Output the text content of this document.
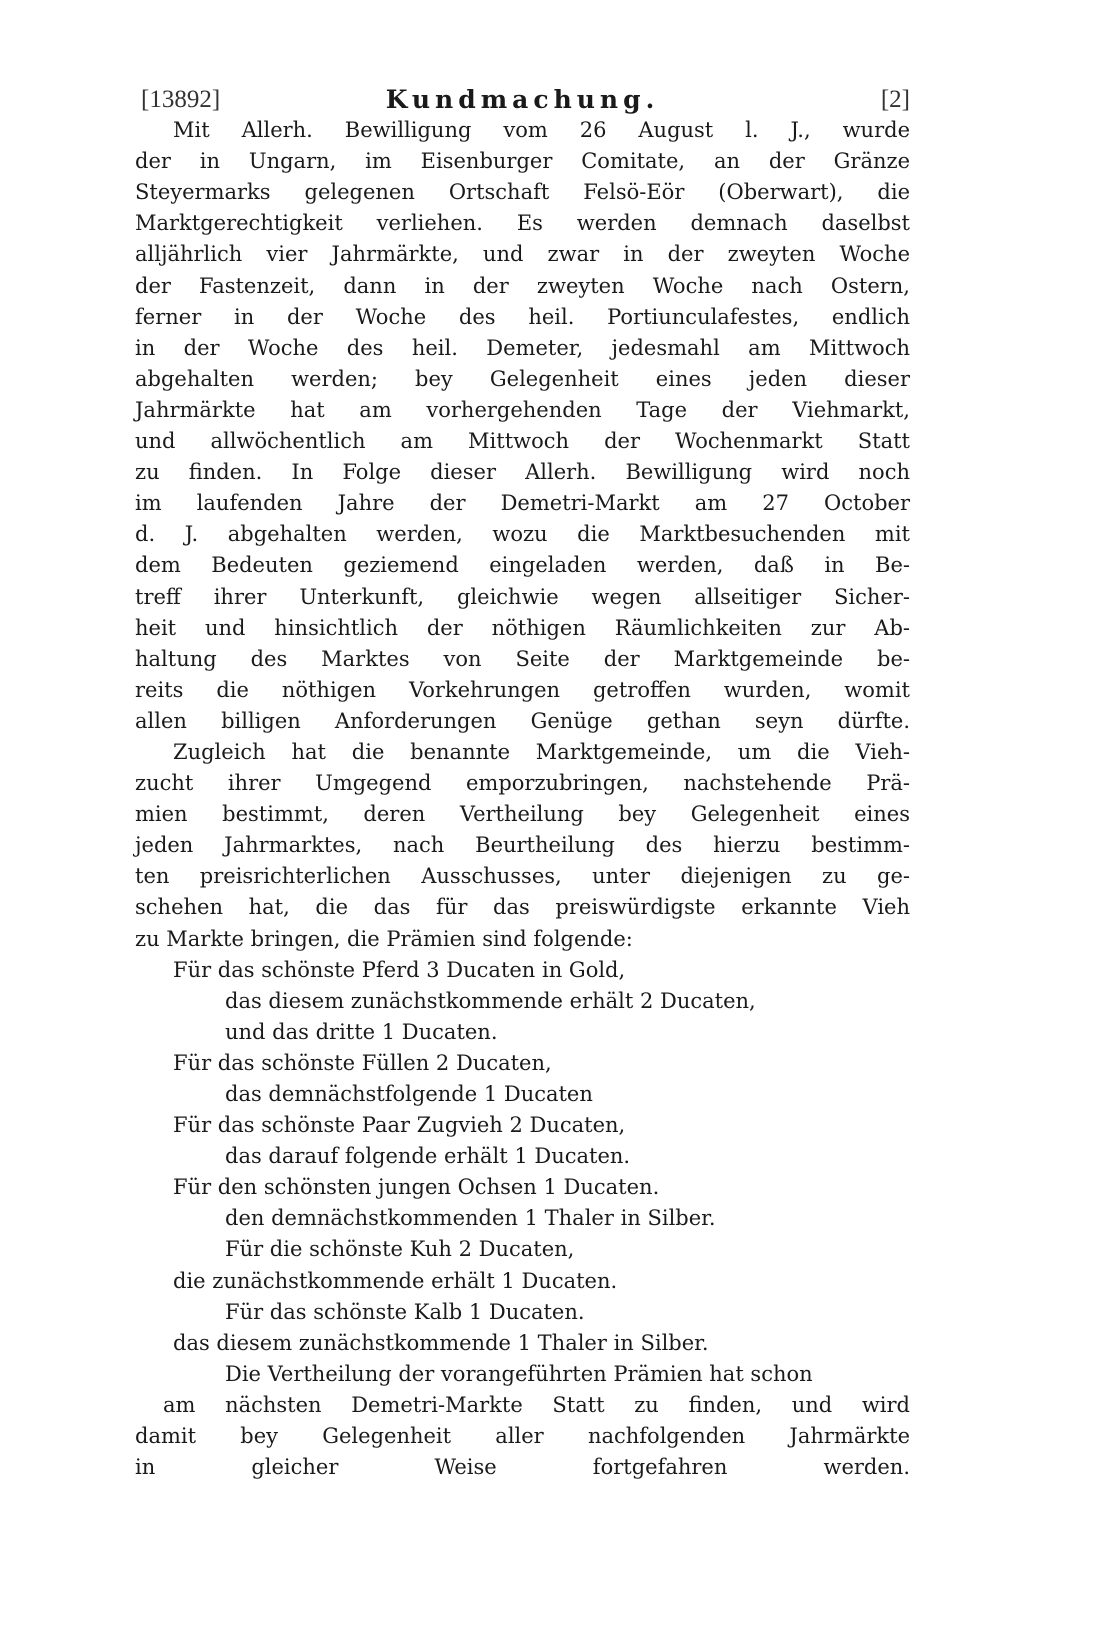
[13892]	Kundmachung.	[2]
Mit Allerh. Bewilligung vom 26 August l. J., wurde
der in Ungarn, im Eisenburger Comitate, an der Gränze
Steyermarks gelegenen Ortschaft Felsö-Eör (Oberwart), die
Marktgerechtigkeit verliehen. Es werden demnach daselbst
alljährlich vier Jahrmärkte, und zwar in der zweyten Woche
der Fastenzeit, dann in der zweyten Woche nach Ostern,
ferner in der Woche des heil. Portiunculafestes, endlich
in der Woche des heil. Demeter, jedesmahl am Mittwoch
abgehalten werden; bey Gelegenheit eines jeden dieser
Jahrmärkte hat am vorhergehenden Tage der Viehmarkt,
und allwöchentlich am Mittwoch der Wochenmarkt Statt
zu finden. In Folge dieser Allerh. Bewilligung wird noch
im laufenden Jahre der Demetri-Markt am 27 October
d. J. abgehalten werden, wozu die Marktbesuchenden mit
dem Bedeuten geziemend eingeladen werden, daß in Be-
treff ihrer Unterkunft, gleichwie wegen allseitiger Sicher-
heit und hinsichtlich der nöthigen Räumlichkeiten zur Ab-
haltung des Marktes von Seite der Marktgemeinde be-
reits die nöthigen Vorkehrungen getroffen wurden, womit
allen billigen Anforderungen Genüge gethan seyn dürfte.
Zugleich hat die benannte Marktgemeinde, um die Vieh-
zucht ihrer Umgegend emporzubringen, nachstehende Prä-
mien bestimmt, deren Vertheilung bey Gelegenheit eines
jeden Jahrmarktes, nach Beurtheilung des hierzu bestimm-
ten preisrichterlichen Ausschusses, unter diejenigen zu ge-
schehen hat, die das für das preiswürdigste erkannte Vieh
zu Markte bringen, die Prämien sind folgende:
Für das schönste Pferd 3 Ducaten in Gold,
das diesem zunächstkommende erhält 2 Ducaten,
und das dritte 1 Ducaten.
Für das schönste Füllen 2 Ducaten,
das demnächstfolgende 1 Ducaten
Für das schönste Paar Zugvieh 2 Ducaten,
das darauf folgende erhält 1 Ducaten.
Für den schönsten jungen Ochsen 1 Ducaten.
den demnächstkommenden 1 Thaler in Silber.
Für die schönste Kuh 2 Ducaten,
die zunächstkommende erhält 1 Ducaten.
Für das schönste Kalb 1 Ducaten.
das diesem zunächstkommende 1 Thaler in Silber.
Die Vertheilung der vorangeführten Prämien hat schon
am nächsten Demetri-Markte Statt zu finden, und wird
damit bey Gelegenheit aller nachfolgenden Jahrmärkte
in gleicher Weise fortgefahren werden.
